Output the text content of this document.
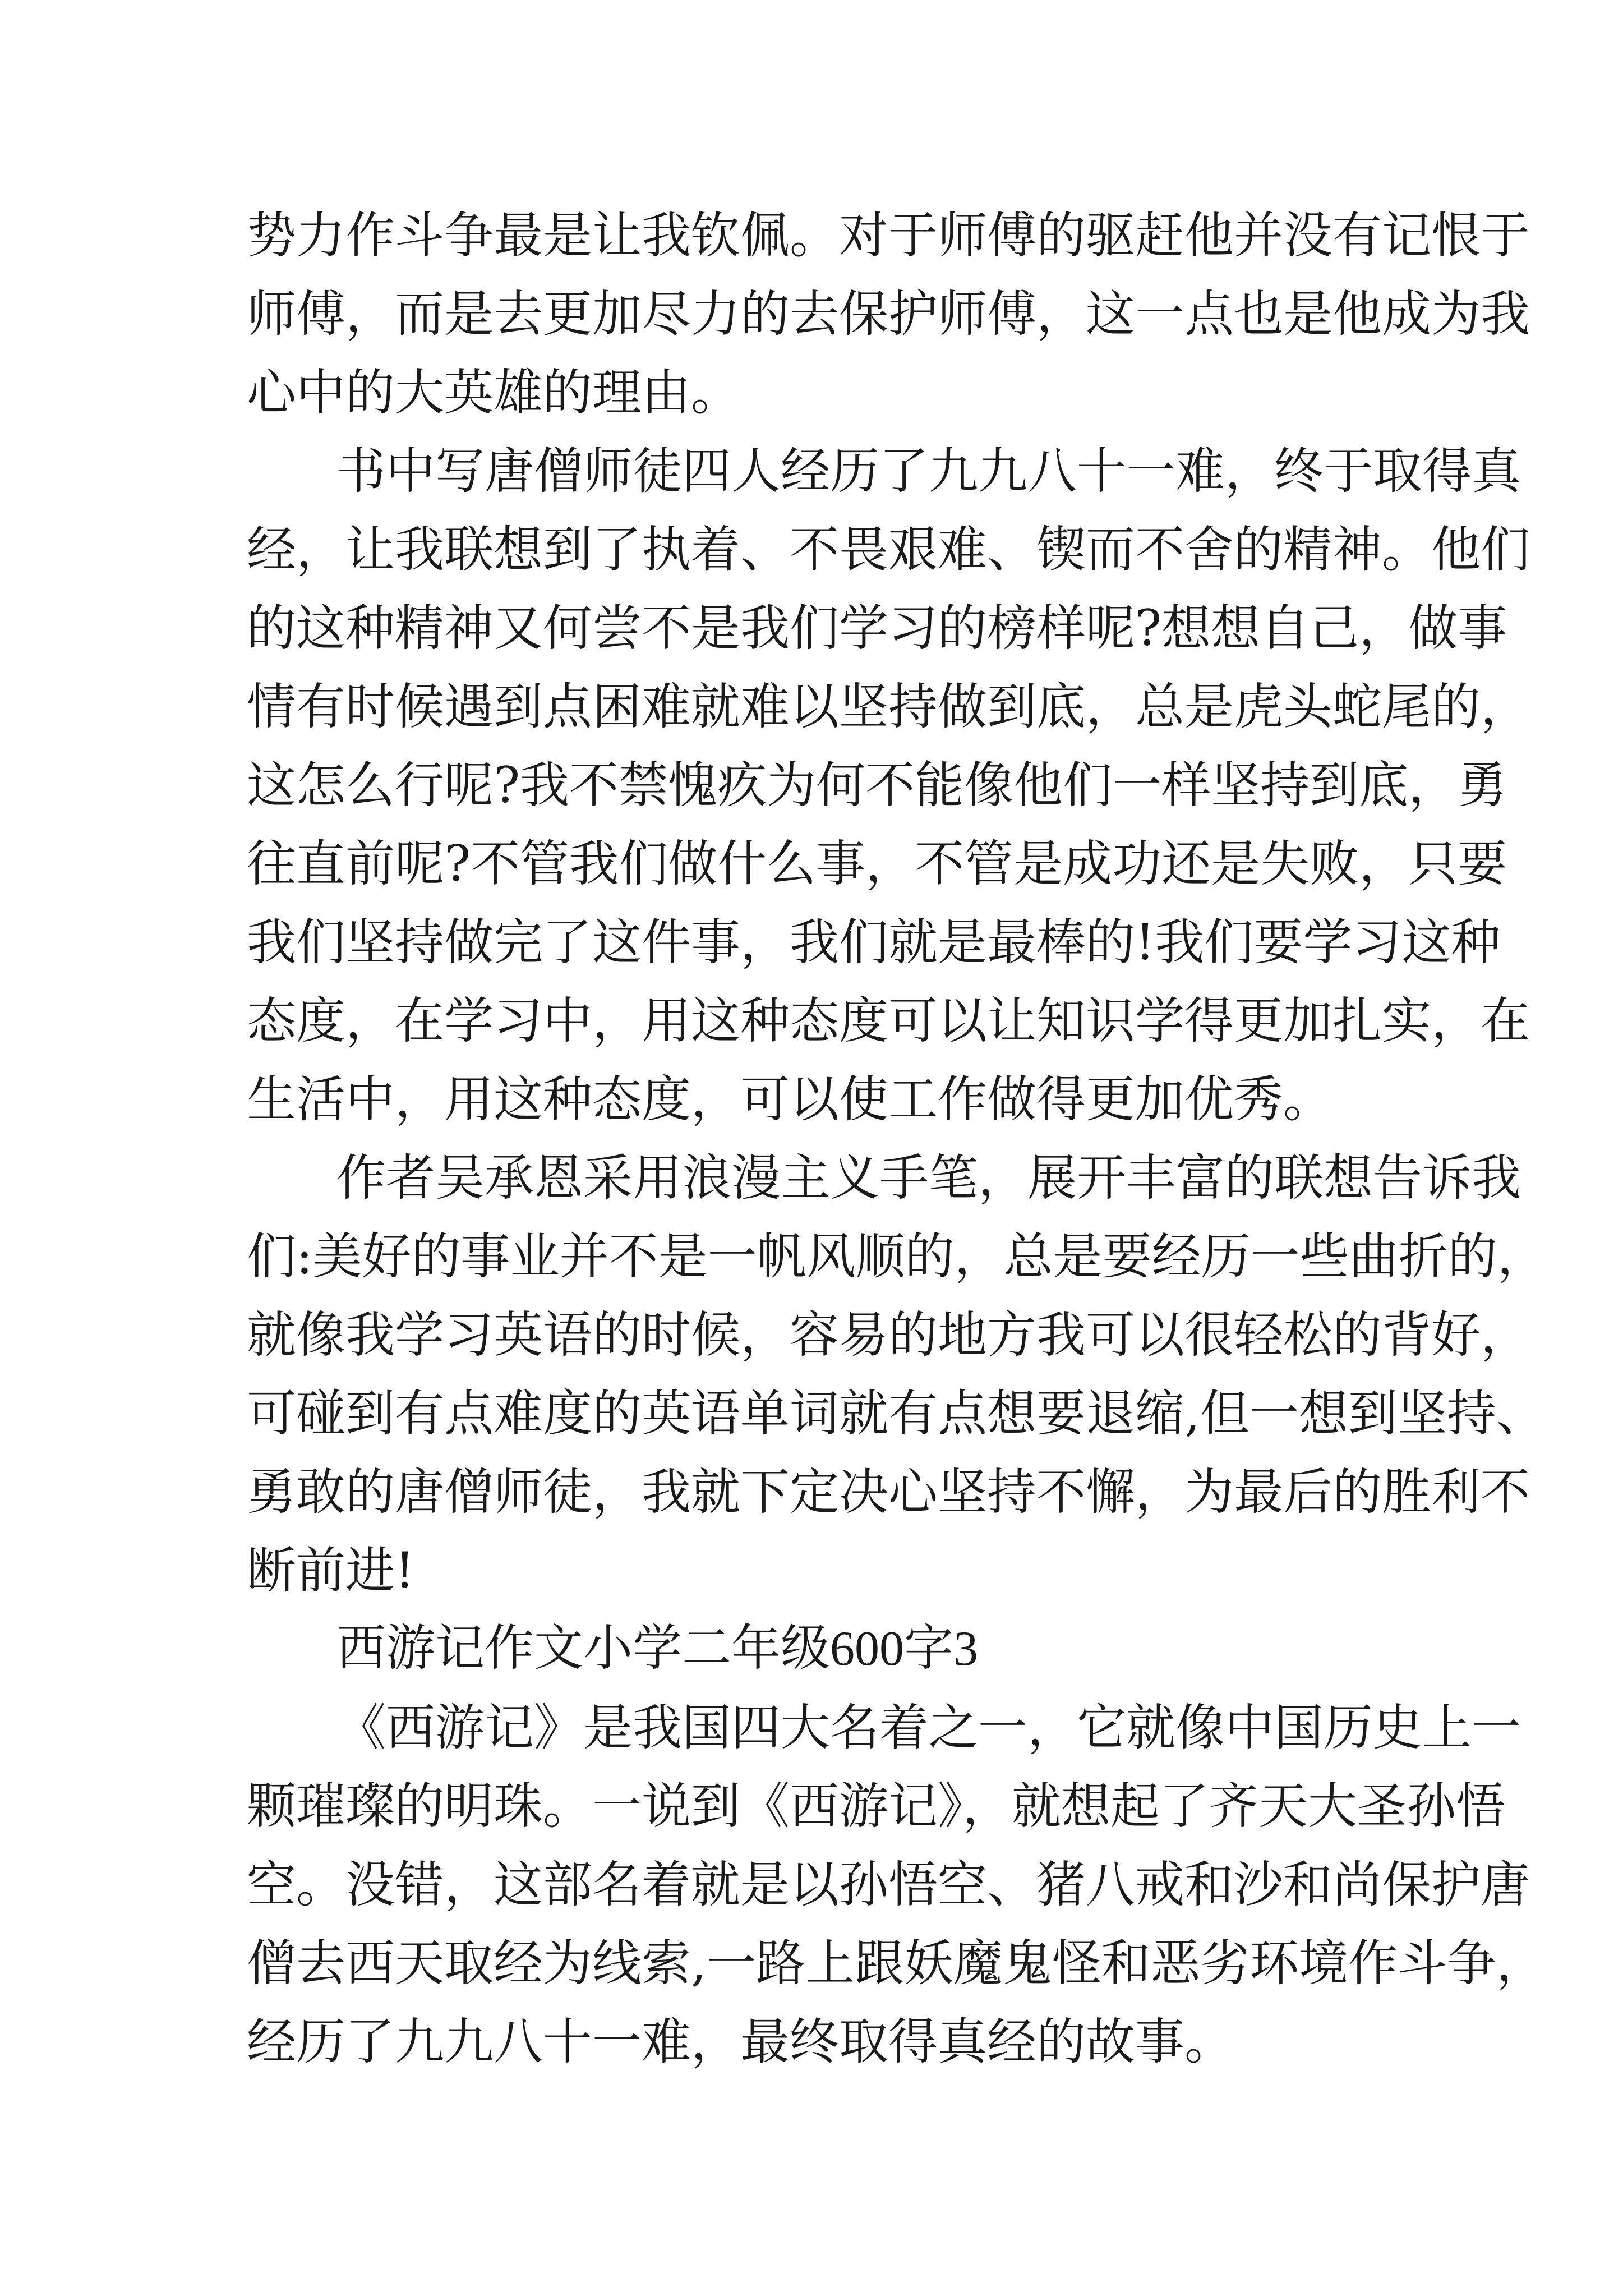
势力作斗争最是让我钦佩。对于师傅的驱赶他并没有记恨于
师傅，而是去更加尽力的去保护师傅，这一点也是他成为我
心中的大英雄的理由。
书中写唐僧师徒四人经历了九九八十一难，终于取得真
经，让我联想到了执着、不畏艰难、锲而不舍的精神。他们
的这种精神又何尝不是我们学习的榜样呢?想想自己，做事
情有时候遇到点困难就难以坚持做到底，总是虎头蛇尾的，
这怎么行呢?我不禁愧疚为何不能像他们一样坚持到底，勇
往直前呢?不管我们做什么事，不管是成功还是失败，只要
我们坚持做完了这件事，我们就是最棒的!我们要学习这种
态度，在学习中，用这种态度可以让知识学得更加扎实，在
生活中，用这种态度，可以使工作做得更加优秀。
作者吴承恩采用浪漫主义手笔，展开丰富的联想告诉我
们:美好的事业并不是一帆风顺的，总是要经历一些曲折的，
就像我学习英语的时候，容易的地方我可以很轻松的背好，
可碰到有点难度的英语单词就有点想要退缩,但一想到坚持、
勇敢的唐僧师徒，我就下定决心坚持不懈，为最后的胜利不
断前进!
西游记作文小学二年级600字3
《西游记》是我国四大名着之一，它就像中国历史上一
颗璀璨的明珠。一说到《西游记》，就想起了齐天大圣孙悟
空。没错，这部名着就是以孙悟空、猪八戒和沙和尚保护唐
僧去西天取经为线索,一路上跟妖魔鬼怪和恶劣环境作斗争，
经历了九九八十一难，最终取得真经的故事。
